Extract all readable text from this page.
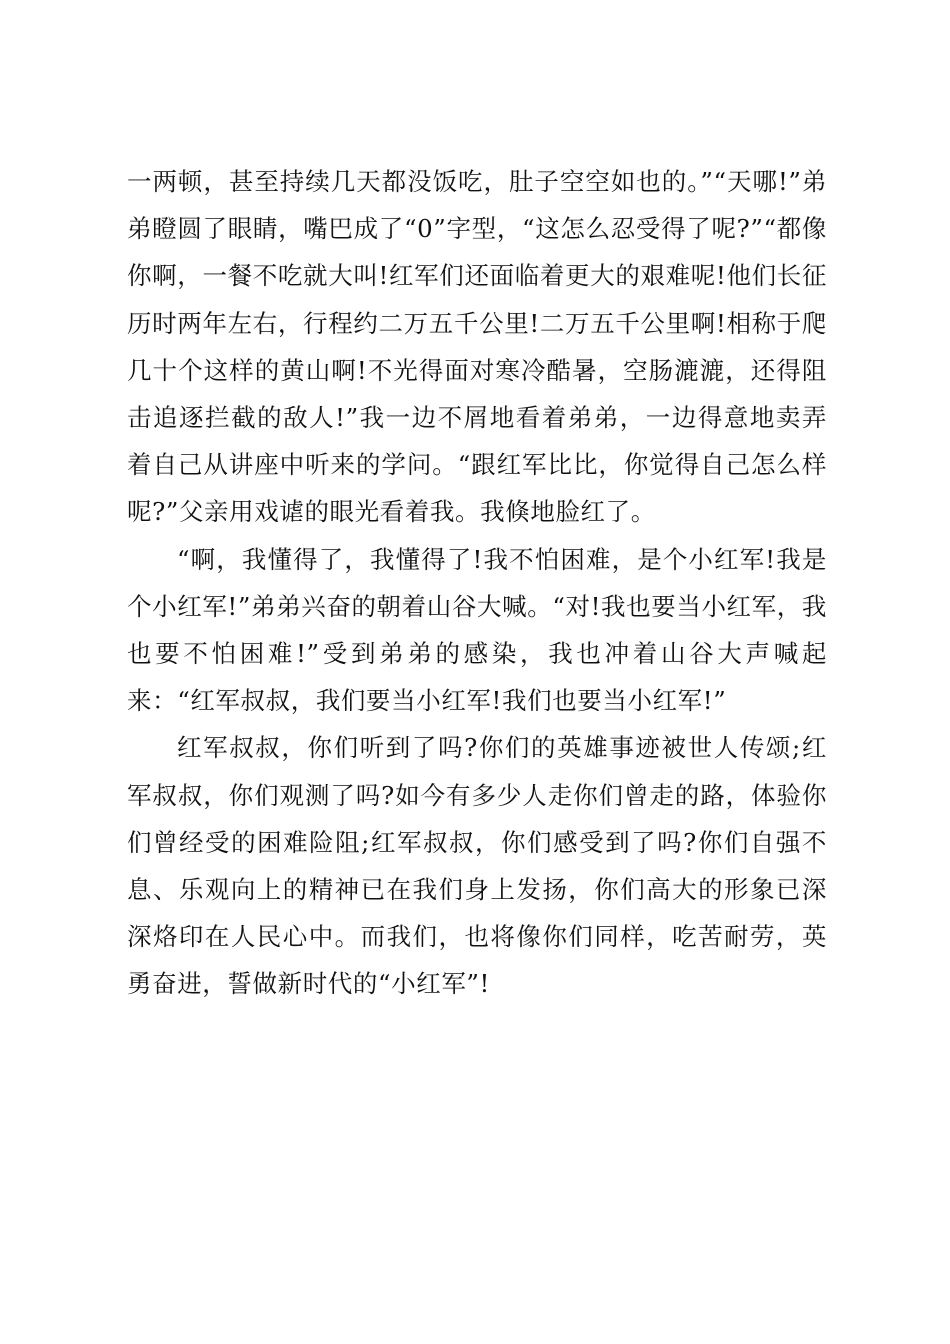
一两顿，甚至持续几天都没饭吃，肚子空空如也的。”“天哪!”弟弟瞪圆了眼睛，嘴巴成了“0”字型，“这怎么忍受得了呢?”“都像你啊，一餐不吃就大叫!红军们还面临着更大的艰难呢!他们长征历时两年左右，行程约二万五千公里!二万五千公里啊!相称于爬几十个这样的黄山啊!不光得面对寒冷酷暑，空肠漉漉，还得阻击追逐拦截的敌人!”我一边不屑地看着弟弟，一边得意地卖弄着自己从讲座中听来的学问。“跟红军比比，你觉得自己怎么样呢?”父亲用戏谑的眼光看着我。我倏地脸红了。

“啊，我懂得了，我懂得了!我不怕困难，是个小红军!我是个小红军!”弟弟兴奋的朝着山谷大喊。“对!我也要当小红军，我也要不怕困难!”受到弟弟的感染，我也冲着山谷大声喊起来：“红军叔叔，我们要当小红军!我们也要当小红军!”

红军叔叔，你们听到了吗?你们的英雄事迹被世人传颂;红军叔叔，你们观测了吗?如今有多少人走你们曾走的路，体验你们曾经受的困难险阻;红军叔叔，你们感受到了吗?你们自强不息、乐观向上的精神已在我们身上发扬，你们高大的形象已深深烙印在人民心中。而我们，也将像你们同样，吃苦耐劳，英勇奋进，誓做新时代的“小红军”!
